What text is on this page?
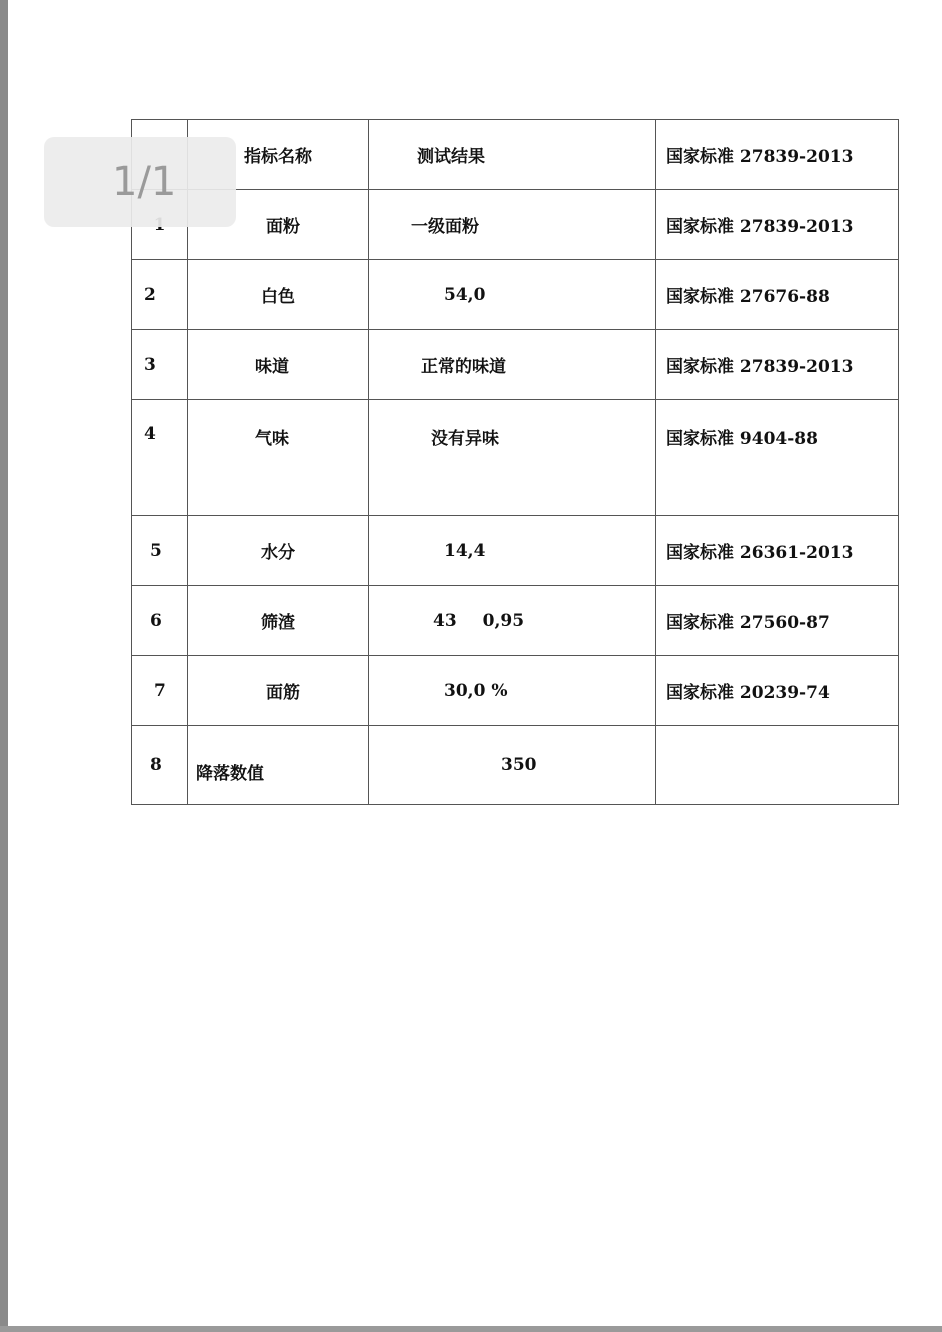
	指标名称	测试结果	国家标准 27839-2013
	面粉	一级面粉	国家标准 27839-2013
2	白色	54,0	国家标准 27676-88
3	味道	正常的味道	国家标准 27839-2013
4	气味	没有异味	国家标准 9404-88
5	水分	14,4	国家标准 26361-2013
6	筛渣	43 0,95	国家标准 27560-87
7	面筋	30,0 %	国家标准 20239-74
8	降落数值	350	
1/1
